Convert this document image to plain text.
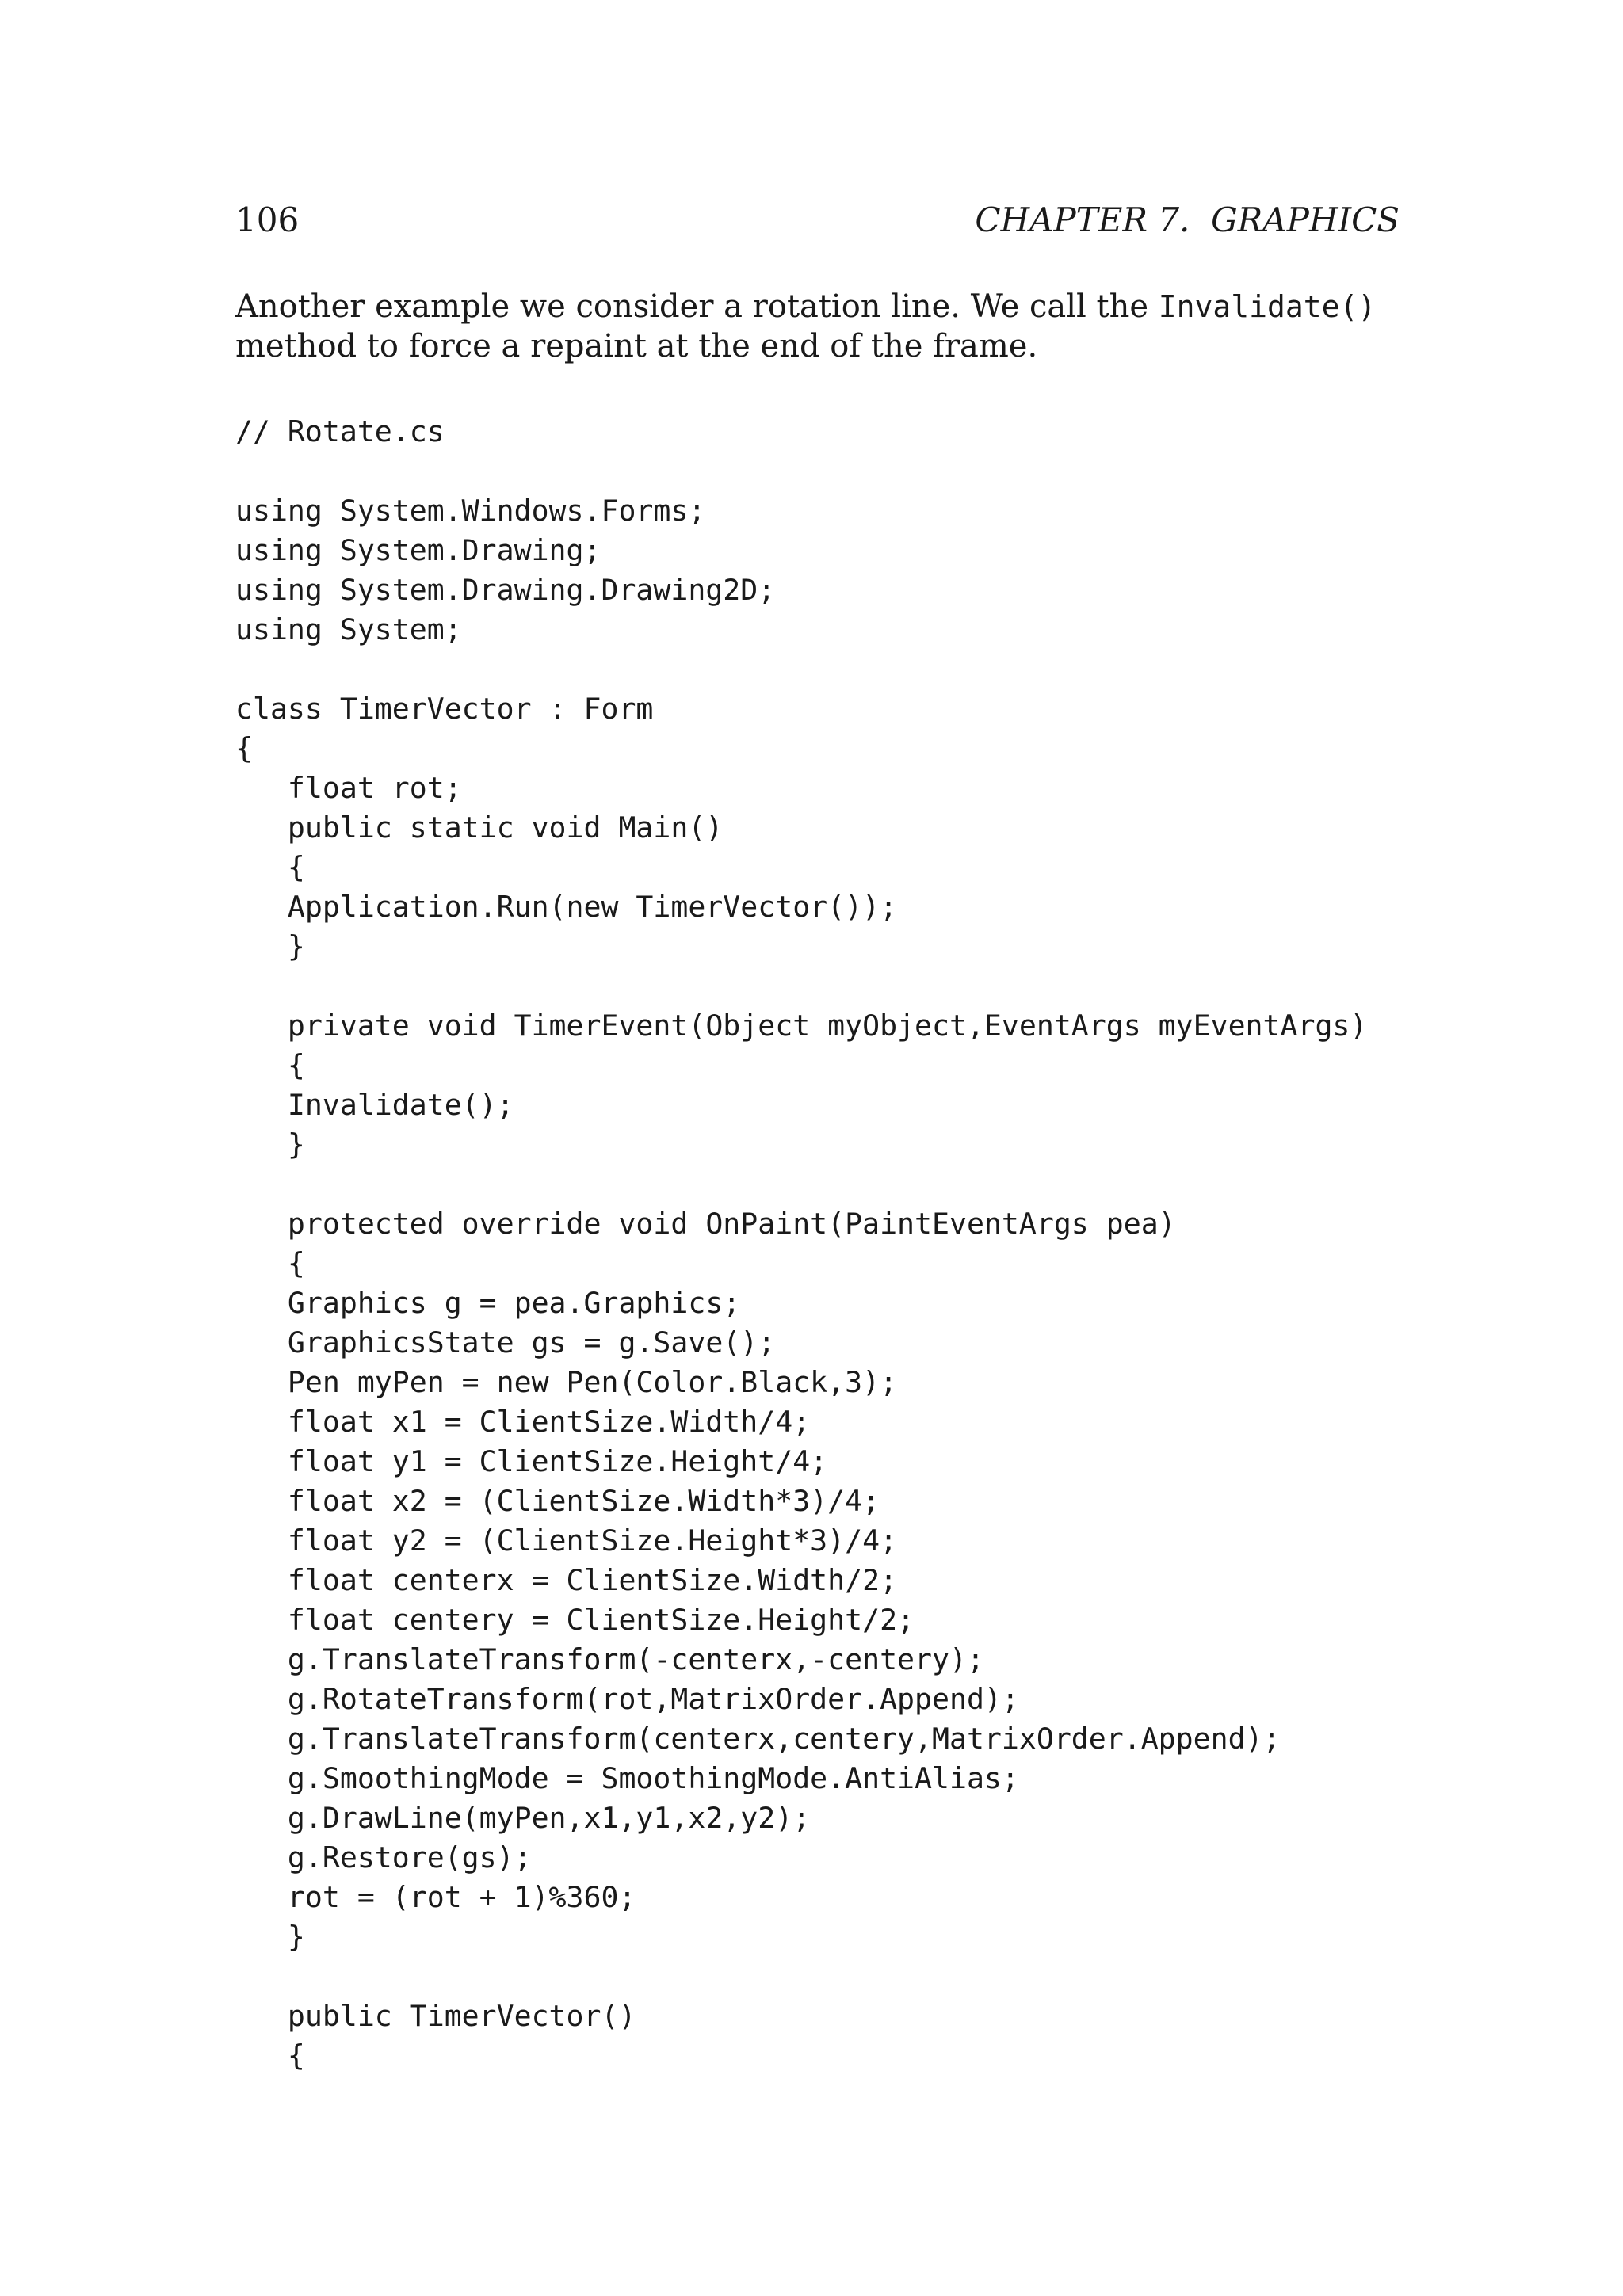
106	CHAPTER 7.  GRAPHICS

Another example we consider a rotation line. We call the Invalidate() method to force a repaint at the end of the frame.

// Rotate.cs
using System.Windows.Forms;
using System.Drawing;
using System.Drawing.Drawing2D;
using System;
class TimerVector : Form
{
float rot;
public static void Main()
{
Application.Run(new TimerVector());
}
private void TimerEvent(Object myObject,EventArgs myEventArgs)
{
Invalidate();
}
protected override void OnPaint(PaintEventArgs pea)
{
Graphics g = pea.Graphics;
GraphicsState gs = g.Save();
Pen myPen = new Pen(Color.Black,3);
float x1 = ClientSize.Width/4;
float y1 = ClientSize.Height/4;
float x2 = (ClientSize.Width*3)/4;
float y2 = (ClientSize.Height*3)/4;
float centerx = ClientSize.Width/2;
float centery = ClientSize.Height/2;
g.TranslateTransform(-centerx,-centery);
g.RotateTransform(rot,MatrixOrder.Append);
g.TranslateTransform(centerx,centery,MatrixOrder.Append);
g.SmoothingMode = SmoothingMode.AntiAlias;
g.DrawLine(myPen,x1,y1,x2,y2);
g.Restore(gs);
rot = (rot + 1)%360;
}
public TimerVector()
{
